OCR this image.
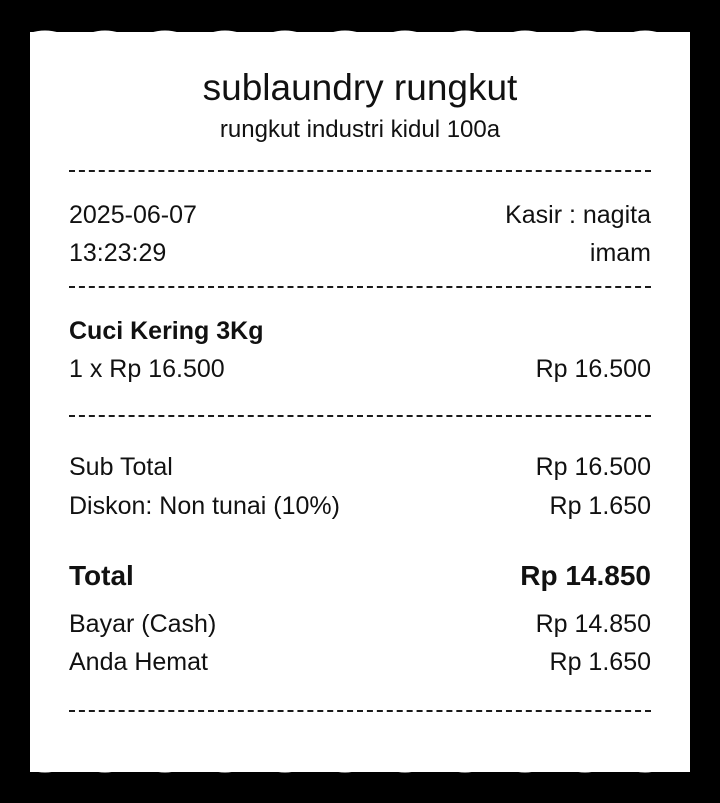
sublaundry rungkut
rungkut industri kidul 100a
2025-06-07	Kasir : nagita
13:23:29	imam
Cuci Kering 3Kg
1 x Rp 16.500	Rp 16.500
Sub Total	Rp 16.500
Diskon: Non tunai (10%)	Rp 1.650
Total	Rp 14.850
Bayar (Cash)	Rp 14.850
Anda Hemat	Rp 1.650
